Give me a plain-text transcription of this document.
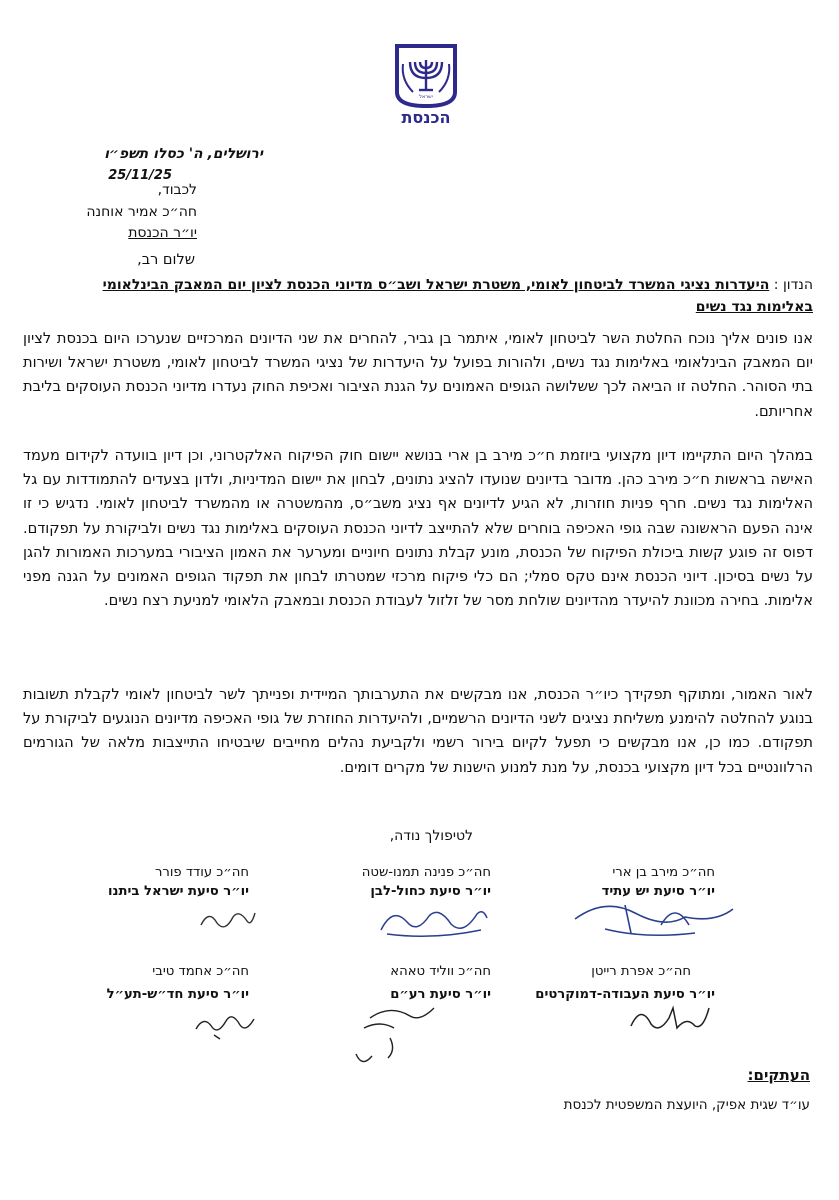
ישראל
הכנסת
ירושלים, ה' כסלו תשפ״ו
25/11/25
לכבוד,
חה״כ אמיר אוחנה
יו״ר הכנסת
שלום רב,
הנדון : היעדרות נציגי המשרד לביטחון לאומי, משטרת ישראל ושב״ס מדיוני הכנסת לציון יום המאבק הבינלאומי באלימות נגד נשים

אנו פונים אליך נוכח החלטת השר לביטחון לאומי, איתמר בן גביר, להחרים את שני הדיונים המרכזיים שנערכו היום בכנסת לציון יום המאבק הבינלאומי באלימות נגד נשים, ולהורות בפועל על היעדרות של נציגי המשרד לביטחון לאומי, משטרת ישראל ושירות בתי הסוהר. החלטה זו הביאה לכך ששלושה הגופים האמונים על הגנת הציבור ואכיפת החוק נעדרו מדיוני הכנסת העוסקים בליבת אחריותם.

במהלך היום התקיימו דיון מקצועי ביוזמת ח״כ מירב בן ארי בנושא יישום חוק הפיקוח האלקטרוני, וכן דיון בוועדה לקידום מעמד האישה בראשות ח״כ מירב כהן. מדובר בדיונים שנועדו להציג נתונים, לבחון את יישום המדיניות, ולדון בצעדים להתמודדות עם גל האלימות נגד נשים. חרף פניות חוזרות, לא הגיע לדיונים אף נציג משב״ס, מהמשטרה או מהמשרד לביטחון לאומי. נדגיש כי זו אינה הפעם הראשונה שבה גופי האכיפה בוחרים שלא להתייצב לדיוני הכנסת העוסקים באלימות נגד נשים ולביקורת על תפקודם. דפוס זה פוגע קשות ביכולת הפיקוח של הכנסת, מונע קבלת נתונים חיוניים ומערער את האמון הציבורי במערכות האמורות להגן על נשים בסיכון. דיוני הכנסת אינם טקס סמלי; הם כלי פיקוח מרכזי שמטרתו לבחון את תפקוד הגופים האמונים על הגנה מפני אלימות. בחירה מכוונת להיעדר מהדיונים שולחת מסר של זלזול לעבודת הכנסת ובמאבק הלאומי למניעת רצח נשים.

לאור האמור, ומתוקף תפקידך כיו״ר הכנסת, אנו מבקשים את התערבותך המיידית ופנייתך לשר לביטחון לאומי לקבלת תשובות בנוגע להחלטה להימנע משליחת נציגים לשני הדיונים הרשמיים, ולהיעדרות החוזרת של גופי האכיפה מדיונים הנוגעים לביקורת על תפקודם. כמו כן, אנו מבקשים כי תפעל לקיום בירור רשמי ולקביעת נהלים מחייבים שיבטיחו התייצבות מלאה של הגורמים הרלוונטיים בכל דיון מקצועי בכנסת, על מנת למנוע הישנות של מקרים דומים.

לטיפולך נודה,
חה״כ מירב בן ארי
יו״ר סיעת יש עתיד
חה״כ פנינה תמנו-שטה
יו״ר סיעת כחול-לבן
חה״כ עודד פורר
יו״ר סיעת ישראל ביתנו
חה״כ אפרת רייטן
יו״ר סיעת העבודה-דמוקרטים
חה״כ ווליד טאהא
יו״ר סיעת רע״ם
חה״כ אחמד טיבי
יו״ר סיעת חד״ש-תע״ל
העתקים:
עו״ד שגית אפיק, היועצת המשפטית לכנסת
